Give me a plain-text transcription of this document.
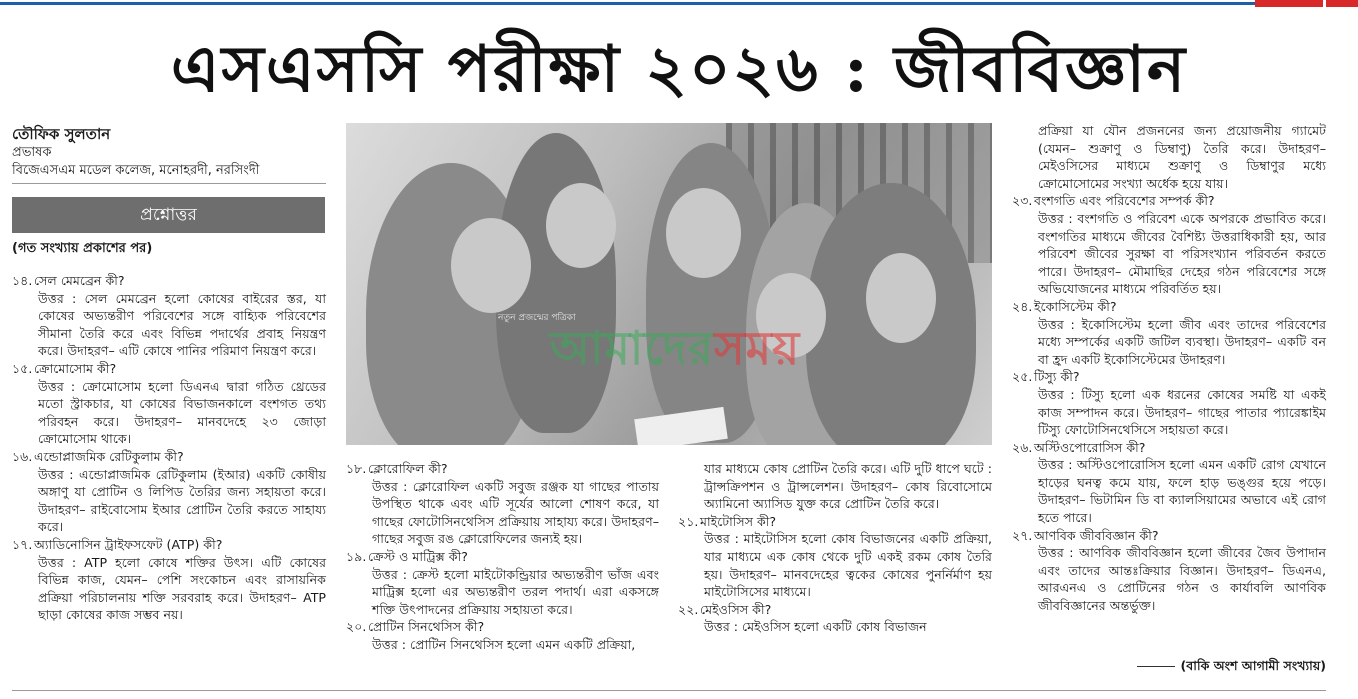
এসএসসি পরীক্ষা ২০২৬ : জীববিজ্ঞান
তৌফিক সুলতান
প্রভাষক
বিজেএসএম মডেল কলেজ, মনোহরদী, নরসিংদী
প্রশ্নোত্তর
(গত সংখ্যায় প্রকাশের পর)
১৪. সেল মেমব্রেন কী?
উত্তর : সেল মেমব্রেন হলো কোষের বাইরের স্তর, যা কোষের অভ্যন্তরীণ পরিবেশের সঙ্গে বাহ্যিক পরিবেশের সীমানা তৈরি করে এবং বিভিন্ন পদার্থের প্রবাহ নিয়ন্ত্রণ করে। উদাহরণ– এটি কোষে পানির পরিমাণ নিয়ন্ত্রণ করে।
১৫. ক্রোমোসোম কী?
উত্তর : ক্রোমোসোম হলো ডিএনএ দ্বারা গঠিত থ্রেডের মতো স্ট্রাকচার, যা কোষের বিভাজনকালে বংশগত তথ্য পরিবহন করে। উদাহরণ– মানবদেহে ২৩ জোড়া ক্রোমোসোম থাকে।
১৬. এন্ডোপ্লাজমিক রেটিকুলাম কী?
উত্তর : এন্ডোপ্লাজমিক রেটিকুলাম (ইআর) একটি কোষীয় অঙ্গাণু যা প্রোটিন ও লিপিড তৈরির জন্য সহায়তা করে। উদাহরণ– রাইবোসোম ইআর প্রোটিন তৈরি করতে সাহায্য করে।
১৭. অ্যাডিনোসিন ট্রাইফসফেট (ATP) কী?
উত্তর : ATP হলো কোষে শক্তির উৎস। এটি কোষের বিভিন্ন কাজ, যেমন– পেশি সংকোচন এবং রাসায়নিক প্রক্রিয়া পরিচালনায় শক্তি সরবরাহ করে। উদাহরণ– ATP ছাড়া কোষের কাজ সম্ভব নয়।
নতুন প্রজন্মের পত্রিকা
আমাদেরসময়
১৮. ক্লোরোফিল কী?
উত্তর : ক্লোরোফিল একটি সবুজ রঞ্জক যা গাছের পাতায় উপস্থিত থাকে এবং এটি সূর্যের আলো শোষণ করে, যা গাছের ফোটোসিনথেসিস প্রক্রিয়ায় সাহায্য করে। উদাহরণ– গাছের সবুজ রঙ ক্লোরোফিলের জন্যই হয়।
১৯. ক্রেস্ট ও মাট্রিক্স কী?
উত্তর : ক্রেস্ট হলো মাইটোকন্ড্রিয়ার অভ্যন্তরীণ ভাঁজ এবং মাট্রিক্স হলো এর অভ্যন্তরীণ তরল পদার্থ। এরা একসঙ্গে শক্তি উৎপাদনের প্রক্রিয়ায় সহায়তা করে।
২০. প্রোটিন সিনথেসিস কী?
উত্তর : প্রোটিন সিনথেসিস হলো এমন একটি প্রক্রিয়া,
যার মাধ্যমে কোষ প্রোটিন তৈরি করে। এটি দুটি ধাপে ঘটে : ট্রান্সক্রিপশন ও ট্রান্সলেশন। উদাহরণ– কোষ রিবোসোমে অ্যামিনো অ্যাসিড যুক্ত করে প্রোটিন তৈরি করে।
২১. মাইটোসিস কী?
উত্তর : মাইটোসিস হলো কোষ বিভাজনের একটি প্রক্রিয়া, যার মাধ্যমে এক কোষ থেকে দুটি একই রকম কোষ তৈরি হয়। উদাহরণ– মানবদেহের ত্বকের কোষের পুনর্নির্মাণ হয় মাইটোসিসের মাধ্যমে।
২২. মেইওসিস কী?
উত্তর : মেইওসিস হলো একটি কোষ বিভাজন
প্রক্রিয়া যা যৌন প্রজননের জন্য প্রয়োজনীয় গ্যামেট (যেমন– শুক্রাণু ও ডিম্বাণু) তৈরি করে। উদাহরণ– মেইওসিসের মাধ্যমে শুক্রাণু ও ডিম্বাণুর মধ্যে ক্রোমোসোমের সংখ্যা অর্ধেক হয়ে যায়।
২৩. বংশগতি এবং পরিবেশের সম্পর্ক কী?
উত্তর : বংশগতি ও পরিবেশ একে অপরকে প্রভাবিত করে। বংশগতির মাধ্যমে জীবের বৈশিষ্ট্য উত্তরাধিকারী হয়, আর পরিবেশ জীবের সুরক্ষা বা পরিসংখ্যান পরিবর্তন করতে পারে। উদাহরণ– মৌমাছির দেহের গঠন পরিবেশের সঙ্গে অভিযোজনের মাধ্যমে পরিবর্তিত হয়।
২৪. ইকোসিস্টেম কী?
উত্তর : ইকোসিস্টেম হলো জীব এবং তাদের পরিবেশের মধ্যে সম্পর্কের একটি জটিল ব্যবস্থা। উদাহরণ– একটি বন বা হ্রদ একটি ইকোসিস্টেমের উদাহরণ।
২৫. টিস্যু কী?
উত্তর : টিস্যু হলো এক ধরনের কোষের সমষ্টি যা একই কাজ সম্পাদন করে। উদাহরণ– গাছের পাতার প্যারেঙ্কাইম টিস্যু ফোটোসিনথেসিসে সহায়তা করে।
২৬. অস্টিওপোরোসিস কী?
উত্তর : অস্টিওপোরোসিস হলো এমন একটি রোগ যেখানে হাড়ের ঘনত্ব কমে যায়, ফলে হাড় ভঙ্গুর হয়ে পড়ে। উদাহরণ– ভিটামিন ডি বা ক্যালসিয়ামের অভাবে এই রোগ হতে পারে।
২৭. আণবিক জীববিজ্ঞান কী?
উত্তর : আণবিক জীববিজ্ঞান হলো জীবের জৈব উপাদান এবং তাদের আন্তঃক্রিয়ার বিজ্ঞান। উদাহরণ– ডিএনএ, আরএনএ ও প্রোটিনের গঠন ও কার্যাবলি আণবিক জীববিজ্ঞানের অন্তর্ভুক্ত।
(বাকি অংশ আগামী সংখ্যায়)
